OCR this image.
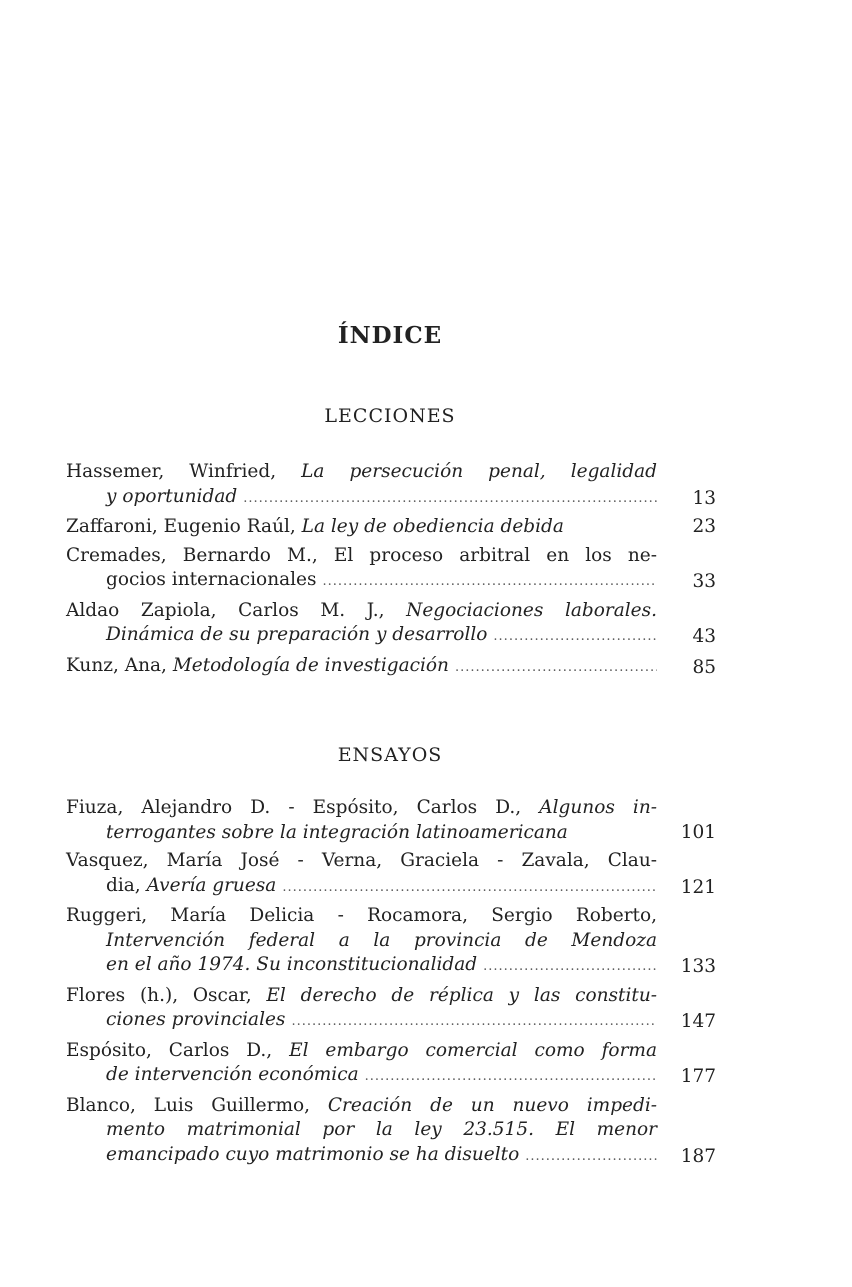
ÍNDICE
LECCIONES
Hassemer, Winfried, La persecución penal, legalidad
y oportunidad .....	13
Zaffaroni, Eugenio Raúl, La ley de obediencia debida	23
Cremades, Bernardo M., El proceso arbitral en los ne-
gocios internacionales .....	33
Aldao Zapiola, Carlos M. J., Negociaciones laborales.
Dinámica de su preparación y desarrollo .....	43
Kunz, Ana, Metodología de investigación .....	85
ENSAYOS
Fiuza, Alejandro D. - Espósito, Carlos D., Algunos in-
terrogantes sobre la integración latinoamericana	101
Vasquez, María José - Verna, Graciela - Zavala, Clau-
dia, Avería gruesa .....	121
Ruggeri, María Delicia - Rocamora, Sergio Roberto,
Intervención federal a la provincia de Mendoza
en el año 1974. Su inconstitucionalidad .....	133
Flores (h.), Oscar, El derecho de réplica y las constitu-
ciones provinciales .....	147
Espósito, Carlos D., El embargo comercial como forma
de intervención económica .....	177
Blanco, Luis Guillermo, Creación de un nuevo impedi-
mento matrimonial por la ley 23.515. El menor
emancipado cuyo matrimonio se ha disuelto .....	187
